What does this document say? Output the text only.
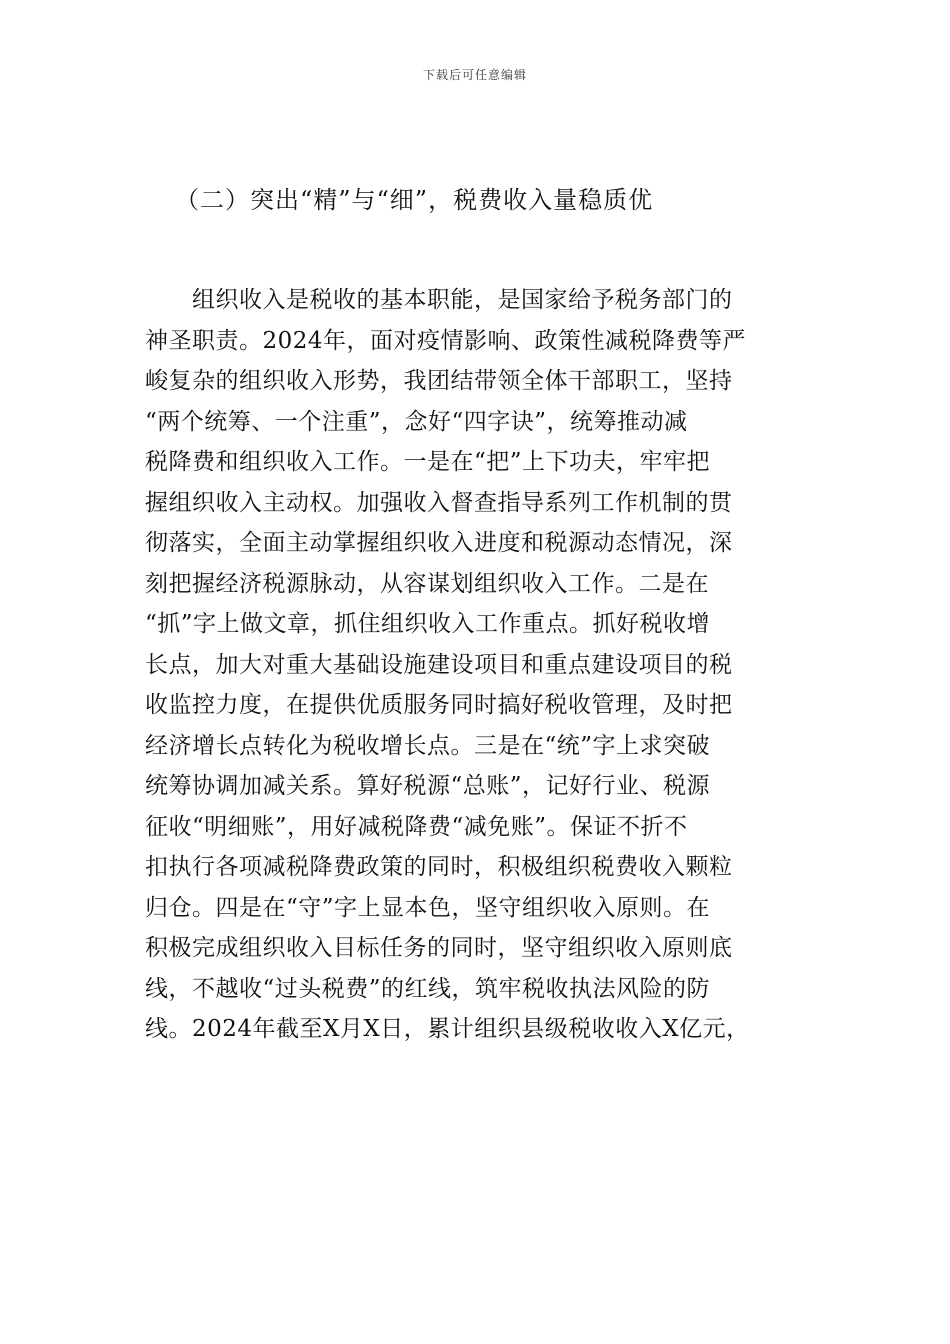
下载后可任意编辑
（二）突出“精”与“细”，税费收入量稳质优
　　组织收入是税收的基本职能，是国家给予税务部门的
神圣职责。2024年，面对疫情影响、政策性减税降费等严
峻复杂的组织收入形势，我团结带领全体干部职工，坚持
“两个统筹、一个注重”，念好“四字诀”，统筹推动减
税降费和组织收入工作。一是在“把”上下功夫，牢牢把
握组织收入主动权。加强收入督查指导系列工作机制的贯
彻落实，全面主动掌握组织收入进度和税源动态情况，深
刻把握经济税源脉动，从容谋划组织收入工作。二是在
“抓”字上做文章，抓住组织收入工作重点。抓好税收增
长点，加大对重大基础设施建设项目和重点建设项目的税
收监控力度，在提供优质服务同时搞好税收管理，及时把
经济增长点转化为税收增长点。三是在“统”字上求突破
统筹协调加减关系。算好税源“总账”，记好行业、税源
征收“明细账”，用好减税降费“减免账”。保证不折不
扣执行各项减税降费政策的同时，积极组织税费收入颗粒
归仓。四是在“守”字上显本色，坚守组织收入原则。在
积极完成组织收入目标任务的同时，坚守组织收入原则底
线，不越收“过头税费”的红线，筑牢税收执法风险的防
线。2024年截至X月X日，累计组织县级税收收入X亿元，
